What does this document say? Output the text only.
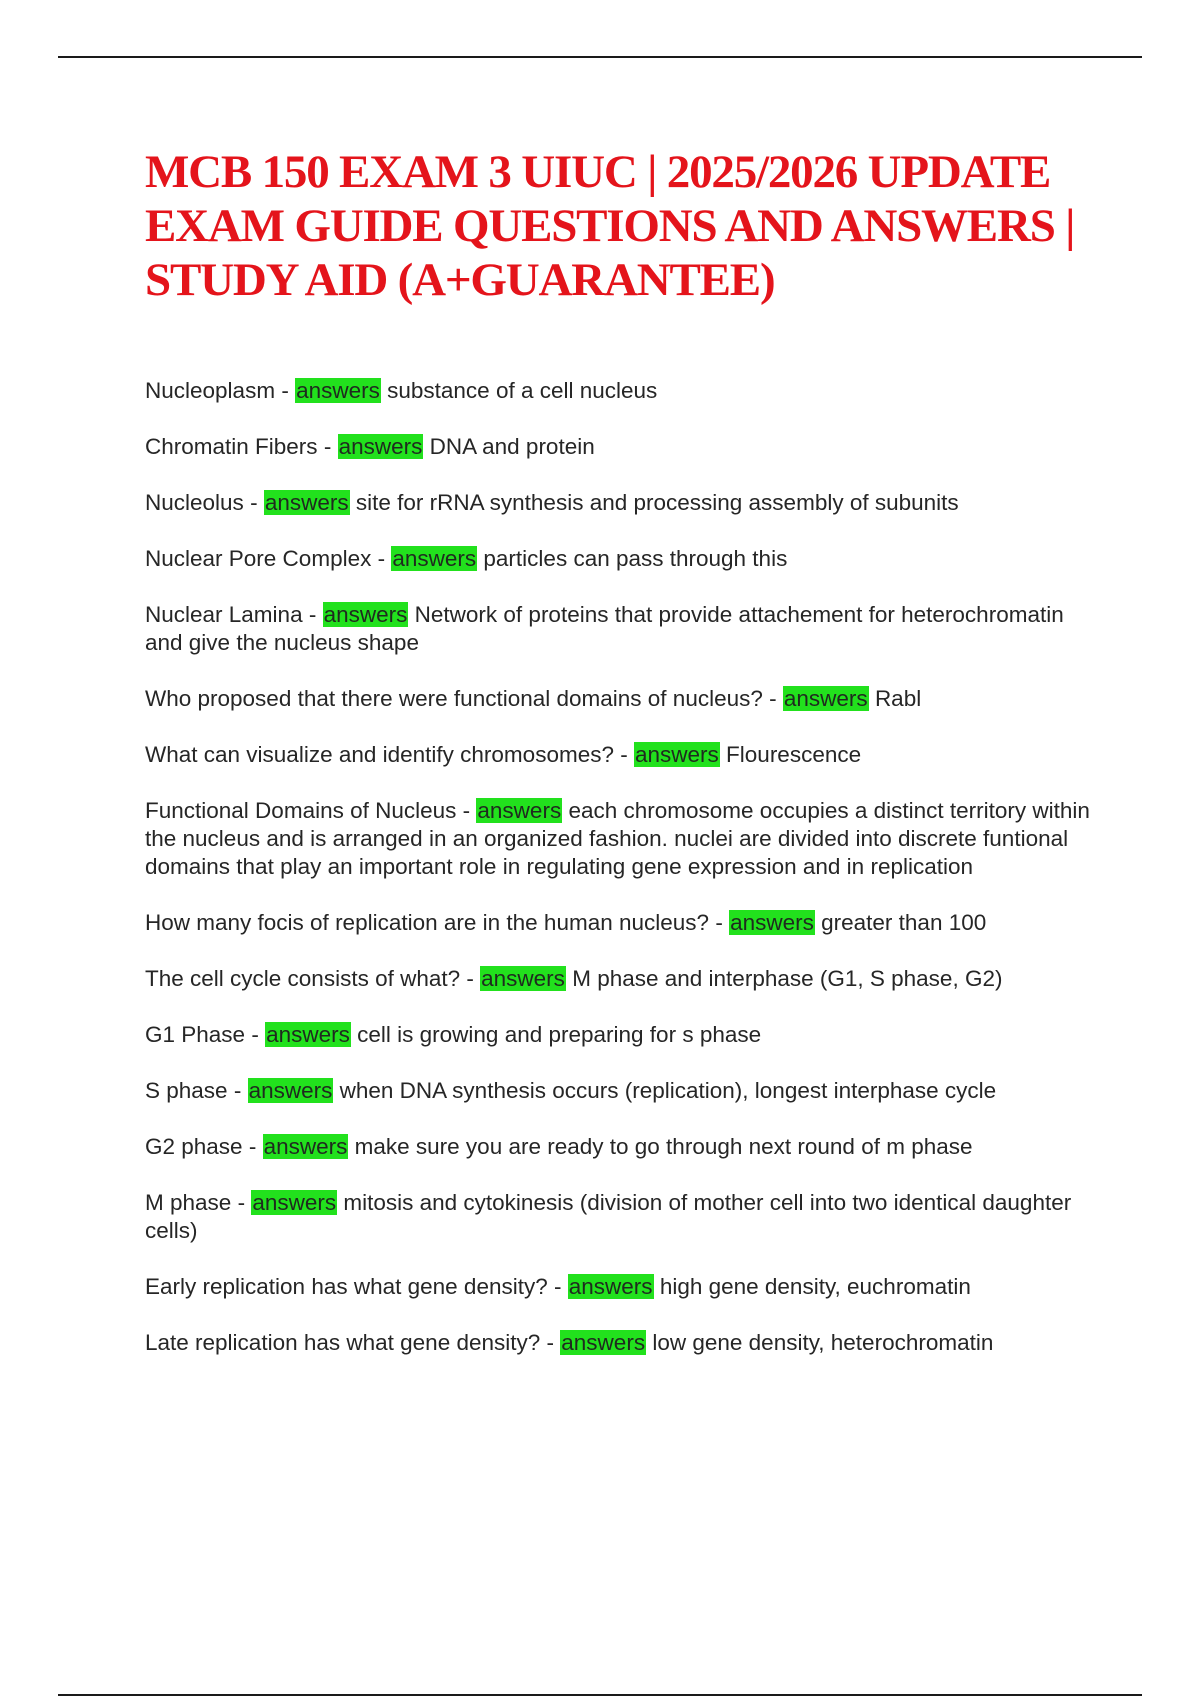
MCB 150 EXAM 3 UIUC | 2025/2026 UPDATE EXAM GUIDE QUESTIONS AND ANSWERS | STUDY AID (A+GUARANTEE)
Nucleoplasm - answers substance of a cell nucleus
Chromatin Fibers - answers DNA and protein
Nucleolus - answers site for rRNA synthesis and processing assembly of subunits
Nuclear Pore Complex - answers particles can pass through this
Nuclear Lamina - answers Network of proteins that provide attachement for heterochromatin and give the nucleus shape
Who proposed that there were functional domains of nucleus? - answers Rabl
What can visualize and identify chromosomes? - answers Flourescence
Functional Domains of Nucleus - answers each chromosome occupies a distinct territory within the nucleus and is arranged in an organized fashion. nuclei are divided into discrete funtional domains that play an important role in regulating gene expression and in replication
How many focis of replication are in the human nucleus? - answers greater than 100
The cell cycle consists of what? - answers M phase and interphase (G1, S phase, G2)
G1 Phase - answers cell is growing and preparing for s phase
S phase - answers when DNA synthesis occurs (replication), longest interphase cycle
G2 phase - answers make sure you are ready to go through next round of m phase
M phase - answers mitosis and cytokinesis (division of mother cell into two identical daughter cells)
Early replication has what gene density? - answers high gene density, euchromatin
Late replication has what gene density? - answers low gene density, heterochromatin
